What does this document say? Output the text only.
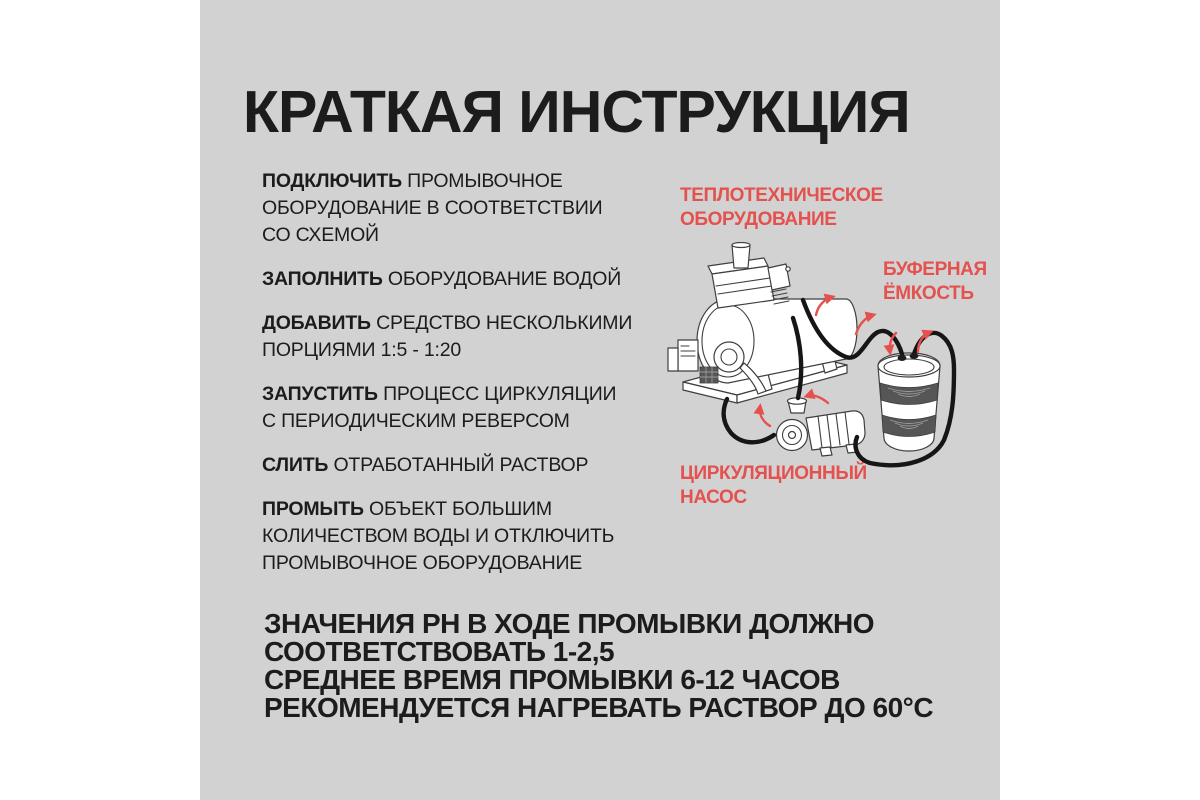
КРАТКАЯ ИНСТРУКЦИЯ

ПОДКЛЮЧИТЬ ПРОМЫВОЧНОЕ
ОБОРУДОВАНИЕ В СООТВЕТСТВИИ
СО СХЕМОЙ

ЗАПОЛНИТЬ ОБОРУДОВАНИЕ ВОДОЙ

ДОБАВИТЬ СРЕДСТВО НЕСКОЛЬКИМИ
ПОРЦИЯМИ 1:5 - 1:20

ЗАПУСТИТЬ ПРОЦЕСС ЦИРКУЛЯЦИИ
С ПЕРИОДИЧЕСКИМ РЕВЕРСОМ

СЛИТЬ ОТРАБОТАННЫЙ РАСТВОР

ПРОМЫТЬ ОБЪЕКТ БОЛЬШИМ
КОЛИЧЕСТВОМ ВОДЫ И ОТКЛЮЧИТЬ
ПРОМЫВОЧНОЕ ОБОРУДОВАНИЕ

ТЕПЛОТЕХНИЧЕСКОЕ
ОБОРУДОВАНИЕ
БУФЕРНАЯ
ЁМКОСТЬ
ЦИРКУЛЯЦИОННЫЙ
НАСОС
ЗНАЧЕНИЯ РН В ХОДЕ ПРОМЫВКИ ДОЛЖНО
СООТВЕТСТВОВАТЬ 1-2,5
СРЕДНЕЕ ВРЕМЯ ПРОМЫВКИ 6-12 ЧАСОВ
РЕКОМЕНДУЕТСЯ НАГРЕВАТЬ РАСТВОР ДО 60°C
